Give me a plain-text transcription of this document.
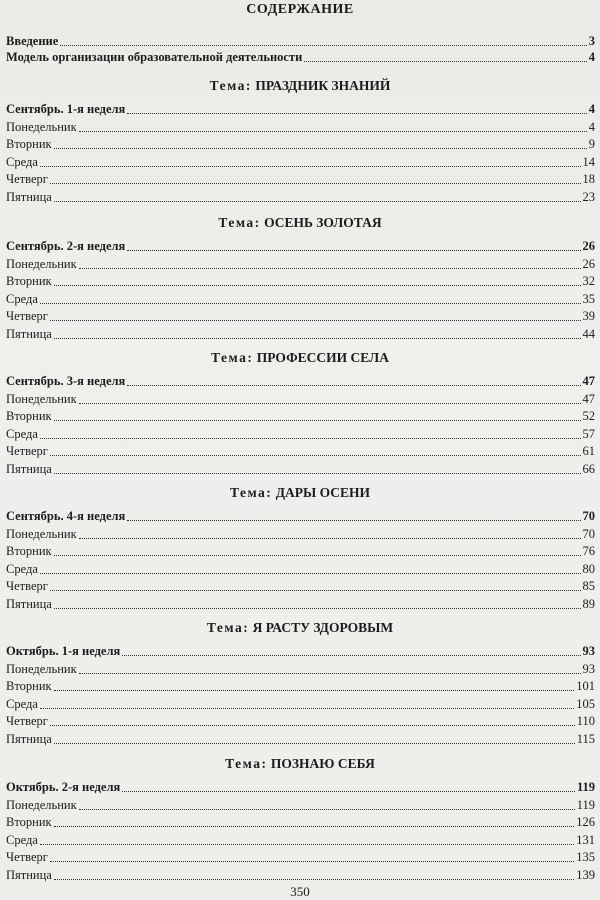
СОДЕРЖАНИЕ
Введение	3
Модель организации образовательной деятельности	4
Тема: ПРАЗДНИК ЗНАНИЙ
Сентябрь. 1-я неделя	4
Понедельник	4
Вторник	9
Среда	14
Четверг	18
Пятница	23
Тема: ОСЕНЬ ЗОЛОТАЯ
Сентябрь. 2-я неделя	26
Понедельник	26
Вторник	32
Среда	35
Четверг	39
Пятница	44
Тема: ПРОФЕССИИ СЕЛА
Сентябрь. 3-я неделя	47
Понедельник	47
Вторник	52
Среда	57
Четверг	61
Пятница	66
Тема: ДАРЫ ОСЕНИ
Сентябрь. 4-я неделя	70
Понедельник	70
Вторник	76
Среда	80
Четверг	85
Пятница	89
Тема: Я РАСТУ ЗДОРОВЫМ
Октябрь. 1-я неделя	93
Понедельник	93
Вторник	101
Среда	105
Четверг	110
Пятница	115
Тема: ПОЗНАЮ СЕБЯ
Октябрь. 2-я неделя	119
Понедельник	119
Вторник	126
Среда	131
Четверг	135
Пятница	139
350
